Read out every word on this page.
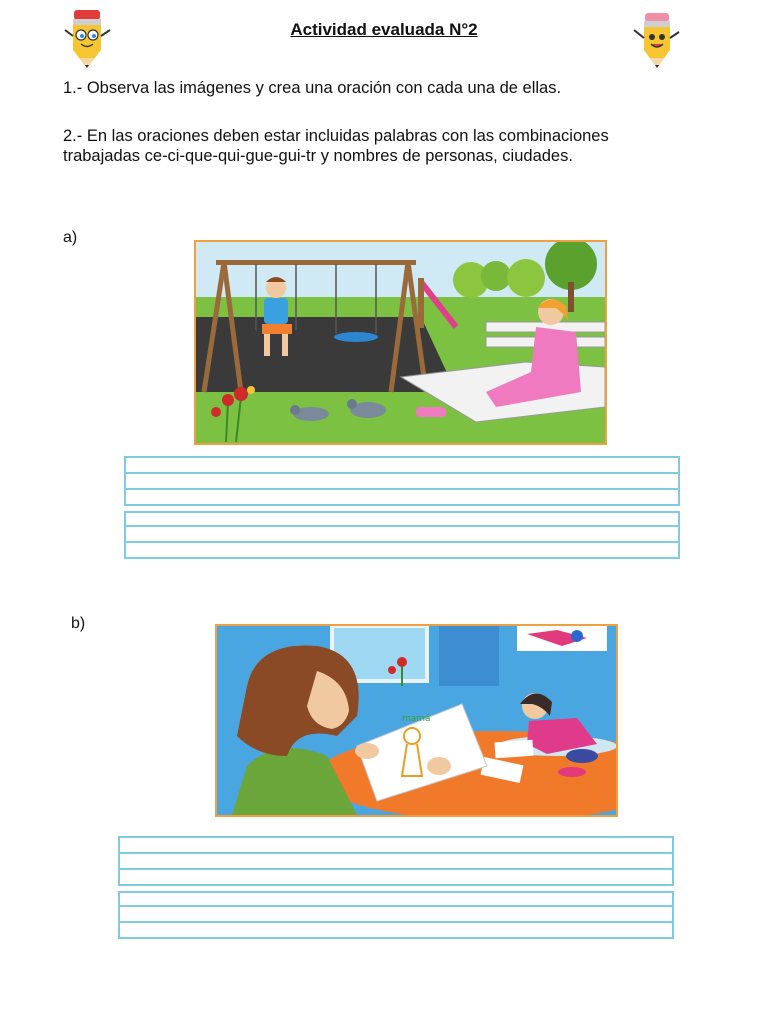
Actividad evaluada N°2
1.- Observa las imágenes y crea una oración con cada una de ellas.
2.- En las oraciones deben estar incluidas palabras con las combinaciones trabajadas ce-ci-que-qui-gue-gui-tr y nombres de personas, ciudades.
a)
b)
mamá
